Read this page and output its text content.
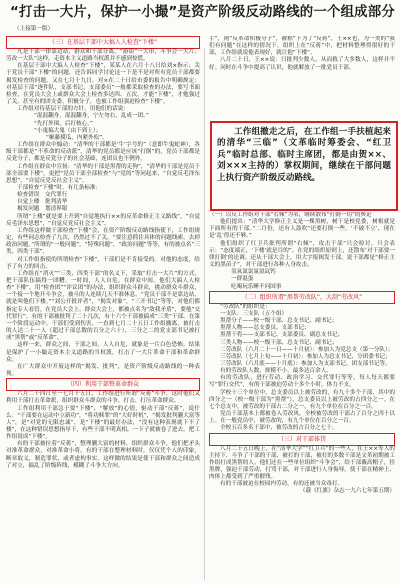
“打击一大片，保护一小撮”是资产阶级反动路线的一个组成部分
（上接第一版）

（三）在基层干部中大搞人人检查“下楼”

凡是干部一律靠边站，群众和干部分离，“游街”一大串，斗争会一大片，劳改一大队”这样，走资本主义道路当权派并不感到惊慌。

在基层干部中大搞人人检查“下楼”，某某人在六月十八日给刘×指示；关于党员干部“下楼”的问题，还告诉同学讨论这一下是不是对所有党员干部都要揭发检查的问题。又在七月十九日，对×在二十日给市委的报告中明确规定：对基层干部“逐件队，支部书记，支部委员”一般都采取检查的办法，要写书面检查，在党员大会上或群众大会上检查多达四、五次，才能“下楼”，才勉强过了关。甚至有的团支委、积极分子，也被工作组强迫检查“下楼”。

工作组对待基层干部的方针，用他们的话说：

“混混翻身，混混翻身，宁左勿右，乱成一团。”

“先打外围，后打核心。”

“小鬼搞大鬼（由下到上）；

“顺藤摸瓜，内紧外松”。

工作组在群众中煽动：“清华的干部都是‘牛’字号的”（意即牛鬼蛇神），各级干部都是“不革命的反动派”，清华的党员都是应该“打倒”的，党员干部都是反党分子，都是反党分子的社会基础，连团员也不例外。

工作组在群众中宣扬：“清华的干部是黑帮的走狗”，“清华的干部是党员干部全部要下楼”，更把“党员干部全部检查”与“党的”等同起来，“自觉反毛泽东思想”，“自觉反党反社会主义”。

干部检查“下楼”时，有几条标准：

检查错误　交代罪行

自觉上楼　批判清华

揭发问题　划清界限

所谓“上楼”就是要上升到“自觉地执行××的反革命修正主义路线”，“自觉反毛泽东思想”，“自觉反党反社会主义”。

工作组这样做干部检查“下楼”会，在资产阶级反动路线指使下，工作组规定，有些同志检查了九次，仍然过不了关。“要注意抓住具体的问题线索，去掉政治问题。”所谓的“一般问题”，“特殊问题”，“政治问题”等等，有的被点名“三类、四类干部”，

对工作组指使的所谓检查“下楼”，干部们是不肯接受的。对他的态度，给予了有力的回击。

工作组在“消灭”“三类、四类干部”的名义下，采取“打击一大片”的方式，把干部队伍搞得一团糟。一时间，人人自危。在群众中间，他们大搞人人检查“下楼”，用“检查团”“评议团”的办法，组织群众斗群众，挑动群众斗群众，一个接一个地开斗争会，被斗的人连续几天不准休息。“党员干部不是靠边站，就是叫他们下楼。”“刘公开批评者”，“揭发对象”，“三开书记”等等，对他们都指定专人看管。在党员大会上、群众大会上，都被点名为“敌我矛盾”，要他“交代罪行”。有的干部被批判了二十几次，有十六个干部被搞成“三类”干部。在第一个阶段运动中，干部们受到伤害，一直到七月二十五日工作组撤离，被打击的人达二十一人（超过干部总数的百分之六十），三分之二的党支部书记被打成“黑帮”或“反革命”。

这样一来，群众之间，干部之间，人人自危，就象是一片白色恐怖。结果是保护了一小撮走资本主义道路的当权派，打击了一大片革命干部和革命群众。

在广大群众中开展这样的“揭发、批判”，是资产阶级反动路线的一种表现。

（四）利用干部整革命群众

六月二十四日至一七月十五日，工作组进行所谓“反蒋”斗争，这时他们又利用干部打击革命派，组织群众斗群众的斗争，打击、打压革命群众。

工作组利用干部急于要“下楼”，“解放”的心情，驱动干部“反蒋”，说什么：“干部要在运动中立新功”，“将功赎罪”的“大好时机”，“揭发批判蒯大富等人”，是“对党的无限忠诚”，是“下楼”的最好办法，“没有这种表现就下不了楼”，在这种错误思想指导下，有些干部不明真相，一下子就被卷了进去，把工作组说成“下楼”。

有的干部被拉着“反蒋”，整理蒯大富的材料，组织群众斗争，他们把矛头对准革命群众，对准革命小将。有的干部在整理材料时，仅仅凭个人的印象，断章取义，制造罪状，或者虚构事实。这样做的结果是使干部和群众之间造成了对立，搞乱了阶级阵线，模糊了斗争大方向。

手”，则“反革命积极分子”，被称“下为了“反蒋”，王××也，为一类的“我们有问题”在这样的情况下，组织上在“反蒋”中，把材料整理得很好的干部，工作组就说他表现好，就让他“下楼”。

八月二十日，王××说：只批判少数人，从而救了大多数人，这样并不好。同时在斗争中提高了认识，他就解放了一批党员干部。

工作组撤走之后，在工作组一手扶植起来的清华“三临”（文革临时筹委会、“红卫兵”临时总部、临时主席团，都是由贺××、刘×××主持的）掌权期间，继续在干部问题上执行资产阶级反动路线。

（一）以反工作组对干部“右倾”为名，继续散布“打倒一切”的舆论

他们提出：“清华大学修正主义是一棵黑树，树干是校党委，树根就是下面所有的干部。”二月份，还有人鼓吹“还要打倒一些，‘不破不立’，现在是‘乱’得还不够。”

他们组织了红卫兵批判所谓“右倾”，攻击干部“只会检讨，只会表示：“态度端正，‘下楼’就是目的”。在党的组织原则上，还散布‘对干部要一律打倒’的论调。还从干部大会上，用大字报揭发干部，说干部都是“修正主义的黑苗子”，对干部进行各种人身攻击。

氢氧氮氯氩氨氙钙

一群混蛋

吃喝玩乐睡不问国事

（二）组织所谓“黑帮劳改队”，大刮“劳改风”

“劳改队”的组织是：

一支队：三支队（五个组）

黑帮分子——校一级干部、总支书记、副书记；

黑帮人物——总支委员、支部书记；

黑帮干将——支部书记、支部委员、副总支书记；

三类人物——校一级干部、总支书记、副书记；

二劳改队（六月二十一日——十月初）：参加人为党总支（第一分队）；

三劳改队（七月上旬——十月初）：参加人为总支书记、分团委书记；

三劳改队（六月底——十月底）：参加人为支部书记、团支部书记等。

有的劳改队人数，规模不小，最多达百余人。

有的劳改队，进行劳动、政治学习、交代罪行等等，每人每天都要写“罪行交代”，有的干部被迫劳动十多个小时，体力不支。

学校十三个单位中，总支委员以上被劳改的，有九十多个干部，其中的四分之一（校一级干部为“黑帮”），总支委员以上被劳改的占四分之一。在七个总支中，被劳改的干部占二分之一，有九个单位在百分之一百。

党员干部基本上都被卷入劳改风，全校被劳改的干部占了百分之四十以上。在一般党员中，被劳改的，有九个单位在百分之一百。

全校五百多名干部中，被劳改的占百分之七十。

（三）对干部体罚

八月二十五日晚上，在“清华大学”“红卫兵”的一些人，在王××等人的主持下，斗争了干部的干部，被打的干部，被打的多数干部是文革初期被工作组打成黑帮的人。他们还在一些单位组织“斗争会”，给干部戴高帽子，挂黑牌，强迫干部劳动，打骂干部，对干部进行人身侮辱。使干部在精神上、肉体上都受到了严重摧残。

有的干部被迫在校园内劳动，有的还被当众毒打。

（载《红旗》杂志一九六七年第五期）
